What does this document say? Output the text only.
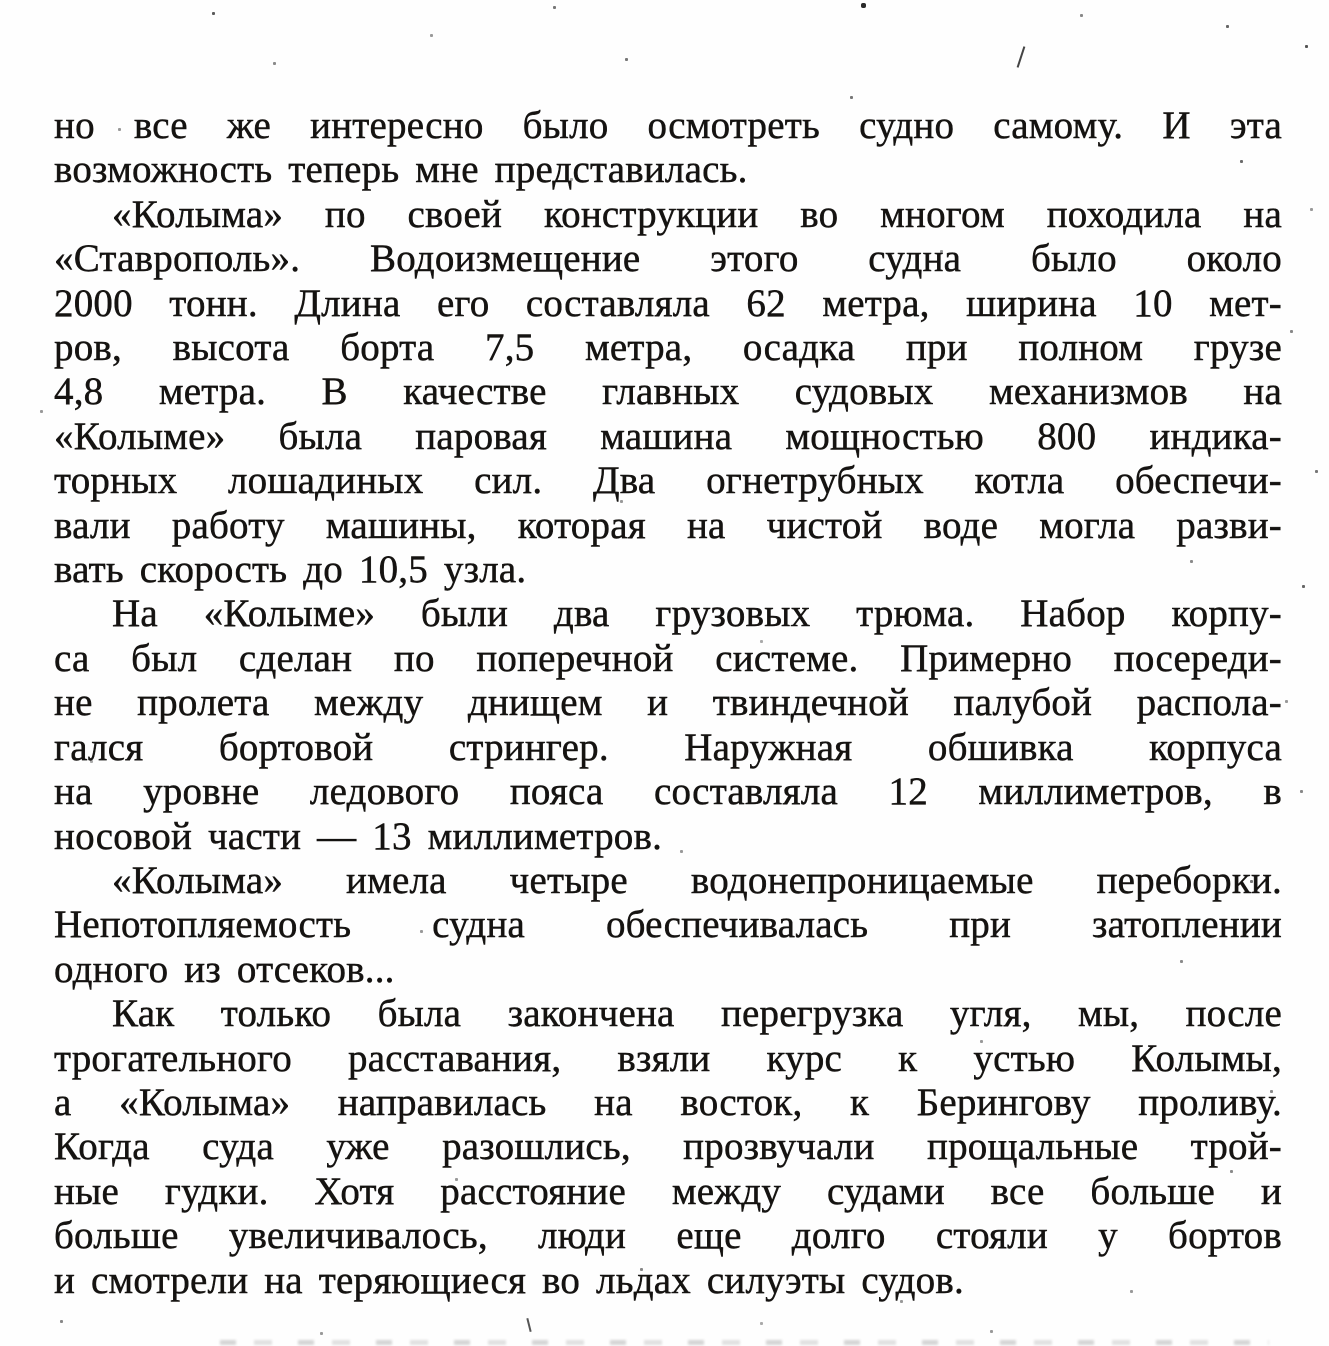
но все же интересно было осмотреть судно самому. И эта
возможность теперь мне представилась.
«Колыма» по своей конструкции во многом походила на
«Ставрополь». Водоизмещение этого судна было около
2000 тонн. Длина его составляла 62 метра, ширина 10 мет-
ров, высота борта 7,5 метра, осадка при полном грузе
4,8 метра. В качестве главных судовых механизмов на
«Колыме» была паровая машина мощностью 800 индика-
торных лошадиных сил. Два огнетрубных котла обеспечи-
вали работу машины, которая на чистой воде могла разви-
вать скорость до 10,5 узла.
На «Колыме» были два грузовых трюма. Набор корпу-
са был сделан по поперечной системе. Примерно посереди-
не пролета между днищем и твиндечной палубой распола-
гался бортовой стрингер. Наружная обшивка корпуса
на уровне ледового пояса составляла 12 миллиметров, в
носовой части — 13 миллиметров.
«Колыма» имела четыре водонепроницаемые переборки.
Непотопляемость судна обеспечивалась при затоплении
одного из отсеков...
Как только была закончена перегрузка угля, мы, после
трогательного расставания, взяли курс к устью Колымы,
а «Колыма» направилась на восток, к Берингову проливу.
Когда суда уже разошлись, прозвучали прощальные трой-
ные гудки. Хотя расстояние между судами все больше и
больше увеличивалось, люди еще долго стояли у бортов
и смотрели на теряющиеся во льдах силуэты судов.
